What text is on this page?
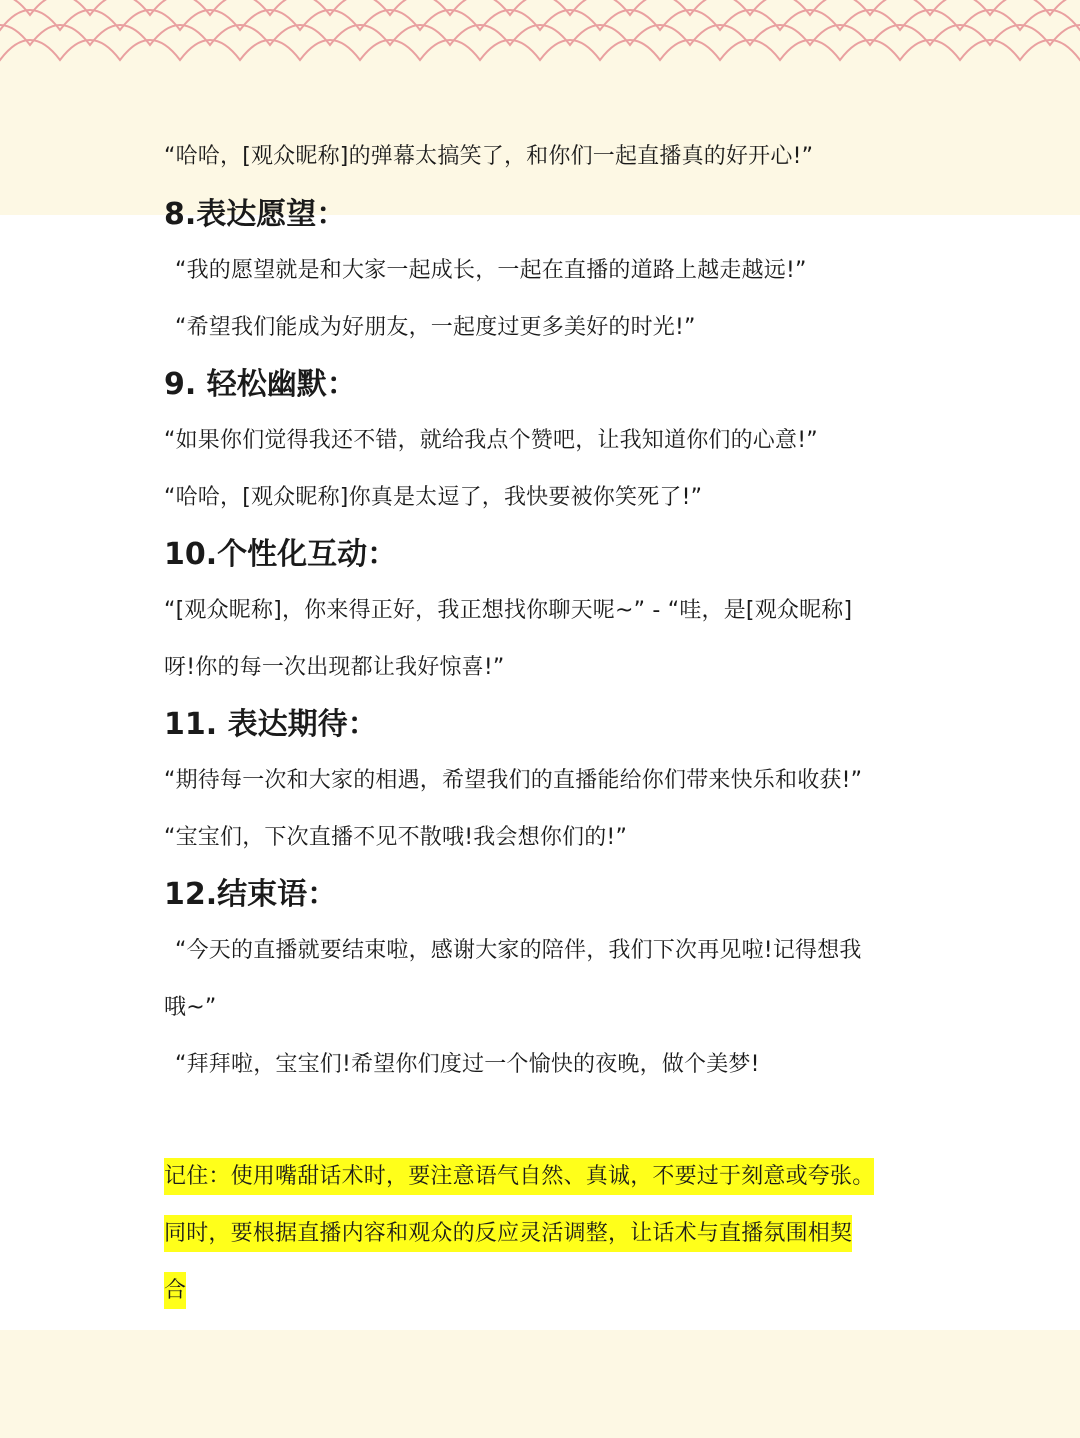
“哈哈，[观众昵称]的弹幕太搞笑了，和你们一起直播真的好开心!”
8.表达愿望：
“我的愿望就是和大家一起成长，一起在直播的道路上越走越远!”
“希望我们能成为好朋友，一起度过更多美好的时光!”
9. 轻松幽默：
“如果你们觉得我还不错，就给我点个赞吧，让我知道你们的心意!”
“哈哈，[观众昵称]你真是太逗了，我快要被你笑死了!”
10.个性化互动：
“[观众昵称]，你来得正好，我正想找你聊天呢~” - “哇，是[观众昵称]
呀!你的每一次出现都让我好惊喜!”
11. 表达期待：
“期待每一次和大家的相遇，希望我们的直播能给你们带来快乐和收获!”
“宝宝们，下次直播不见不散哦!我会想你们的!”
12.结束语：
“今天的直播就要结束啦，感谢大家的陪伴，我们下次再见啦!记得想我
哦~”
“拜拜啦，宝宝们!希望你们度过一个愉快的夜晚，做个美梦!
记住：使用嘴甜话术时，要注意语气自然、真诚，不要过于刻意或夸张。
同时，要根据直播内容和观众的反应灵活调整，让话术与直播氛围相契
合
